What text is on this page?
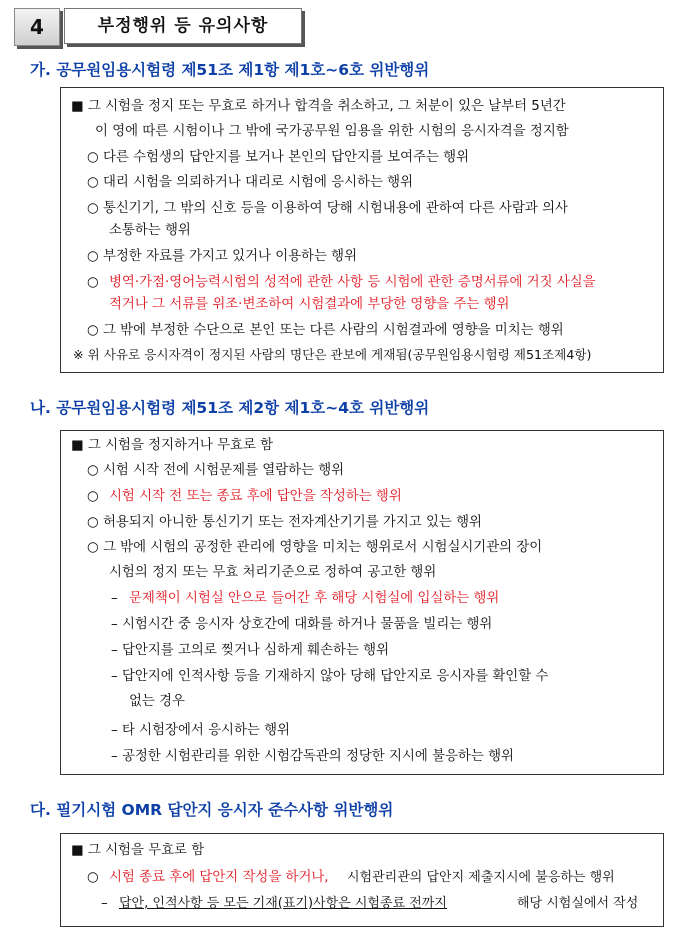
4	부정행위 등 유의사항
가. 공무원임용시험령 제51조 제1항 제1호~6호 위반행위
■ 그 시험을 정지 또는 무효로 하거나 합격을 취소하고, 그 처분이 있은 날부터 5년간
이 영에 따른 시험이나 그 밖에 국가공무원 임용을 위한 시험의 응시자격을 정지함
○ 다른 수험생의 답안지를 보거나 본인의 답안지를 보여주는 행위
○ 대리 시험을 의뢰하거나 대리로 시험에 응시하는 행위
○ 통신기기, 그 밖의 신호 등을 이용하여 당해 시험내용에 관하여 다른 사람과 의사
소통하는 행위
○ 부정한 자료를 가지고 있거나 이용하는 행위
○ 병역·가점·영어능력시험의 성적에 관한 사항 등 시험에 관한 증명서류에 거짓 사실을
적거나 그 서류를 위조·변조하여 시험결과에 부당한 영향을 주는 행위
○ 그 밖에 부정한 수단으로 본인 또는 다른 사람의 시험결과에 영향을 미치는 행위
※ 위 사유로 응시자격이 정지된 사람의 명단은 관보에 게재됨(공무원임용시험령 제51조제4항)
나. 공무원임용시험령 제51조 제2항 제1호~4호 위반행위
■ 그 시험을 정지하거나 무효로 함
○ 시험 시작 전에 시험문제를 열람하는 행위
○ 시험 시작 전 또는 종료 후에 답안을 작성하는 행위
○ 허용되지 아니한 통신기기 또는 전자계산기기를 가지고 있는 행위
○ 그 밖에 시험의 공정한 관리에 영향을 미치는 행위로서 시험실시기관의 장이
시험의 정지 또는 무효 처리기준으로 정하여 공고한 행위
– 문제책이 시험실 안으로 들어간 후 해당 시험실에 입실하는 행위
– 시험시간 중 응시자 상호간에 대화를 하거나 물품을 빌리는 행위
– 답안지를 고의로 찢거나 심하게 훼손하는 행위
– 답안지에 인적사항 등을 기재하지 않아 당해 답안지로 응시자를 확인할 수
없는 경우
– 타 시험장에서 응시하는 행위
– 공정한 시험관리를 위한 시험감독관의 정당한 지시에 불응하는 행위
다. 필기시험 OMR 답안지 응시자 준수사항 위반행위
■ 그 시험을 무효로 함
○ 시험 종료 후에 답안지 작성을 하거나, 시험관리관의 답안지 제출지시에 불응하는 행위
– 답안, 인적사항 등 모든 기재(표기)사항은 시험종료 전까지	해당 시험실에서 작성
